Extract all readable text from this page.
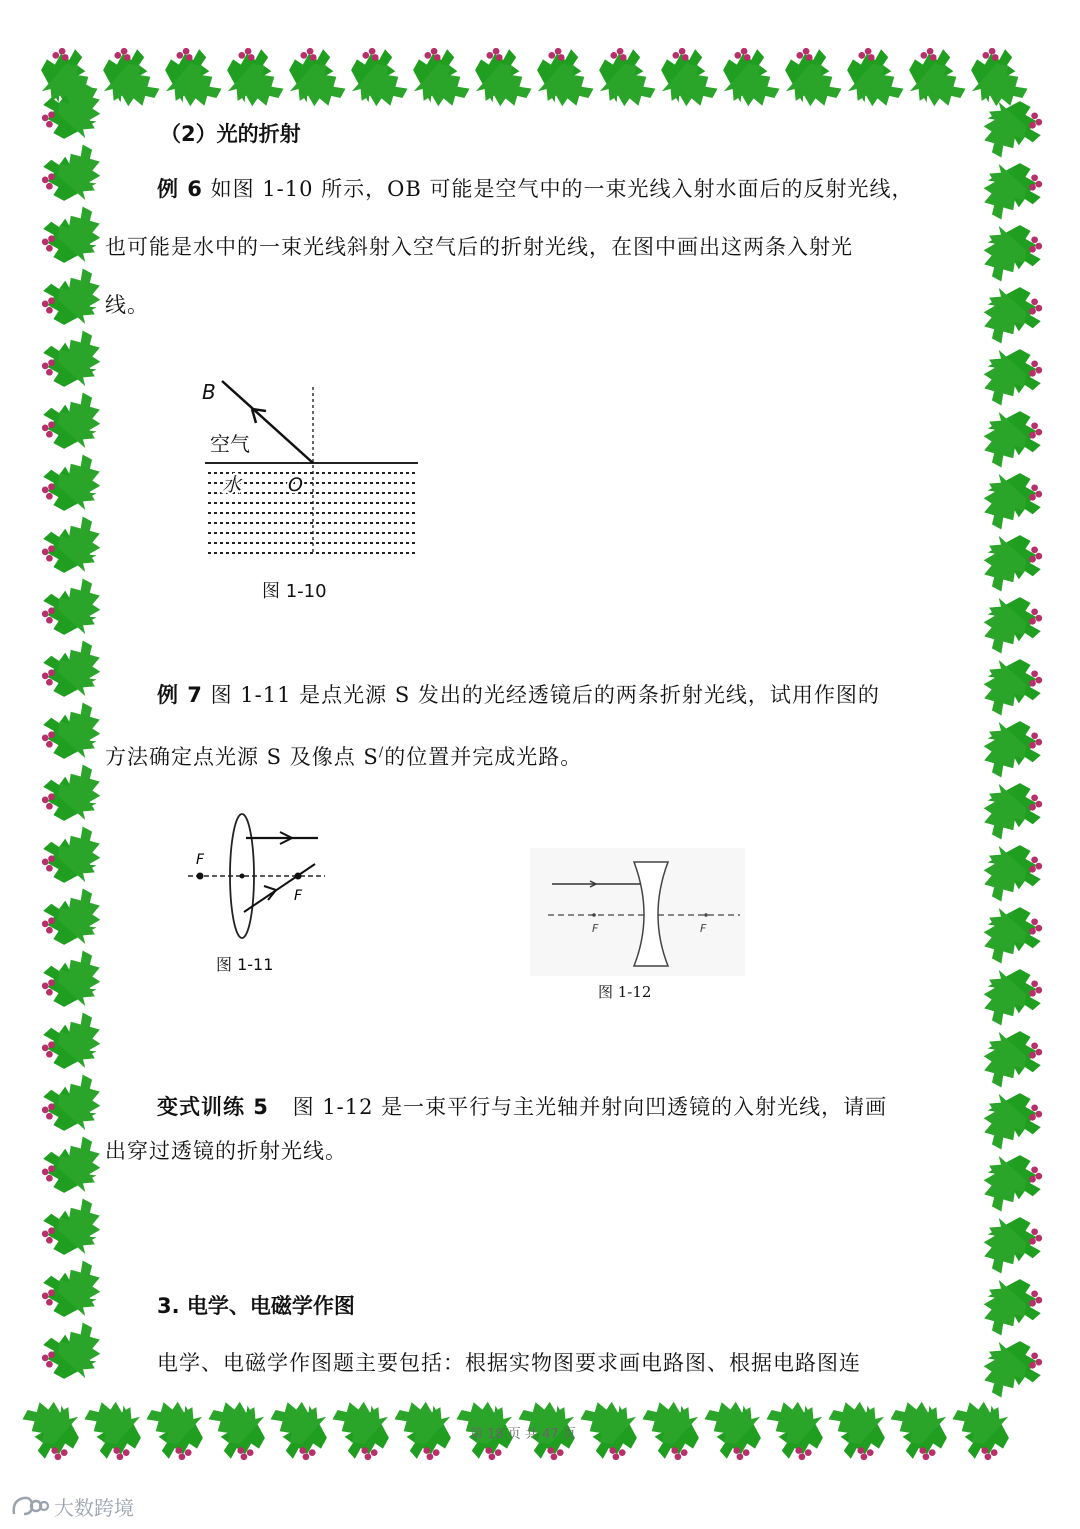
（2）光的折射
例 6 如图 1-10 所示，OB 可能是空气中的一束光线入射水面后的反射光线，
也可能是水中的一束光线斜射入空气后的折射光线，在图中画出这两条入射光
线。
B
空气
水 O
图 1-10
例 7 图 1-11 是点光源 S 发出的光经透镜后的两条折射光线，试用作图的
方法确定点光源 S 及像点 S/的位置并完成光路。
F
F
图 1-11
F	F
图 1-12
变式训练 5 图 1-12 是一束平行与主光轴并射向凹透镜的入射光线，请画
出穿过透镜的折射光线。
3. 电学、电磁学作图
电学、电磁学作图题主要包括：根据实物图要求画电路图、根据电路图连
第 18 页 共 47 页
大数跨境
